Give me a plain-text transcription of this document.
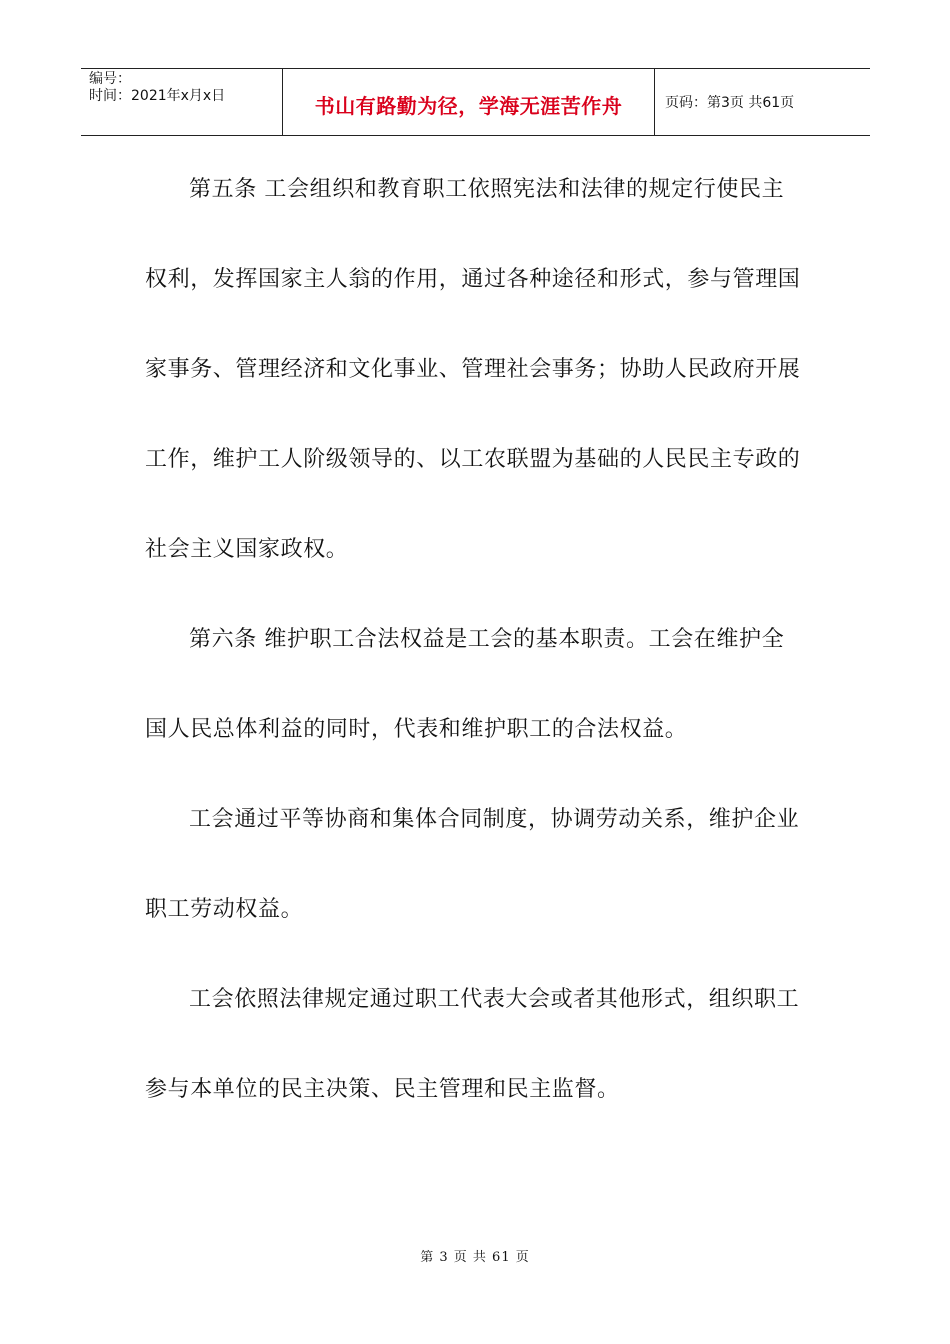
编号：
时间：2021年x月x日	书山有路勤为径，学海无涯苦作舟	页码：第3页 共61页
第五条 工会组织和教育职工依照宪法和法律的规定行使民主
权利，发挥国家主人翁的作用，通过各种途径和形式，参与管理国
家事务、管理经济和文化事业、管理社会事务；协助人民政府开展
工作，维护工人阶级领导的、以工农联盟为基础的人民民主专政的
社会主义国家政权。
第六条 维护职工合法权益是工会的基本职责。工会在维护全
国人民总体利益的同时，代表和维护职工的合法权益。
工会通过平等协商和集体合同制度，协调劳动关系，维护企业
职工劳动权益。
工会依照法律规定通过职工代表大会或者其他形式，组织职工
参与本单位的民主决策、民主管理和民主监督。
第 3 页 共 61 页
